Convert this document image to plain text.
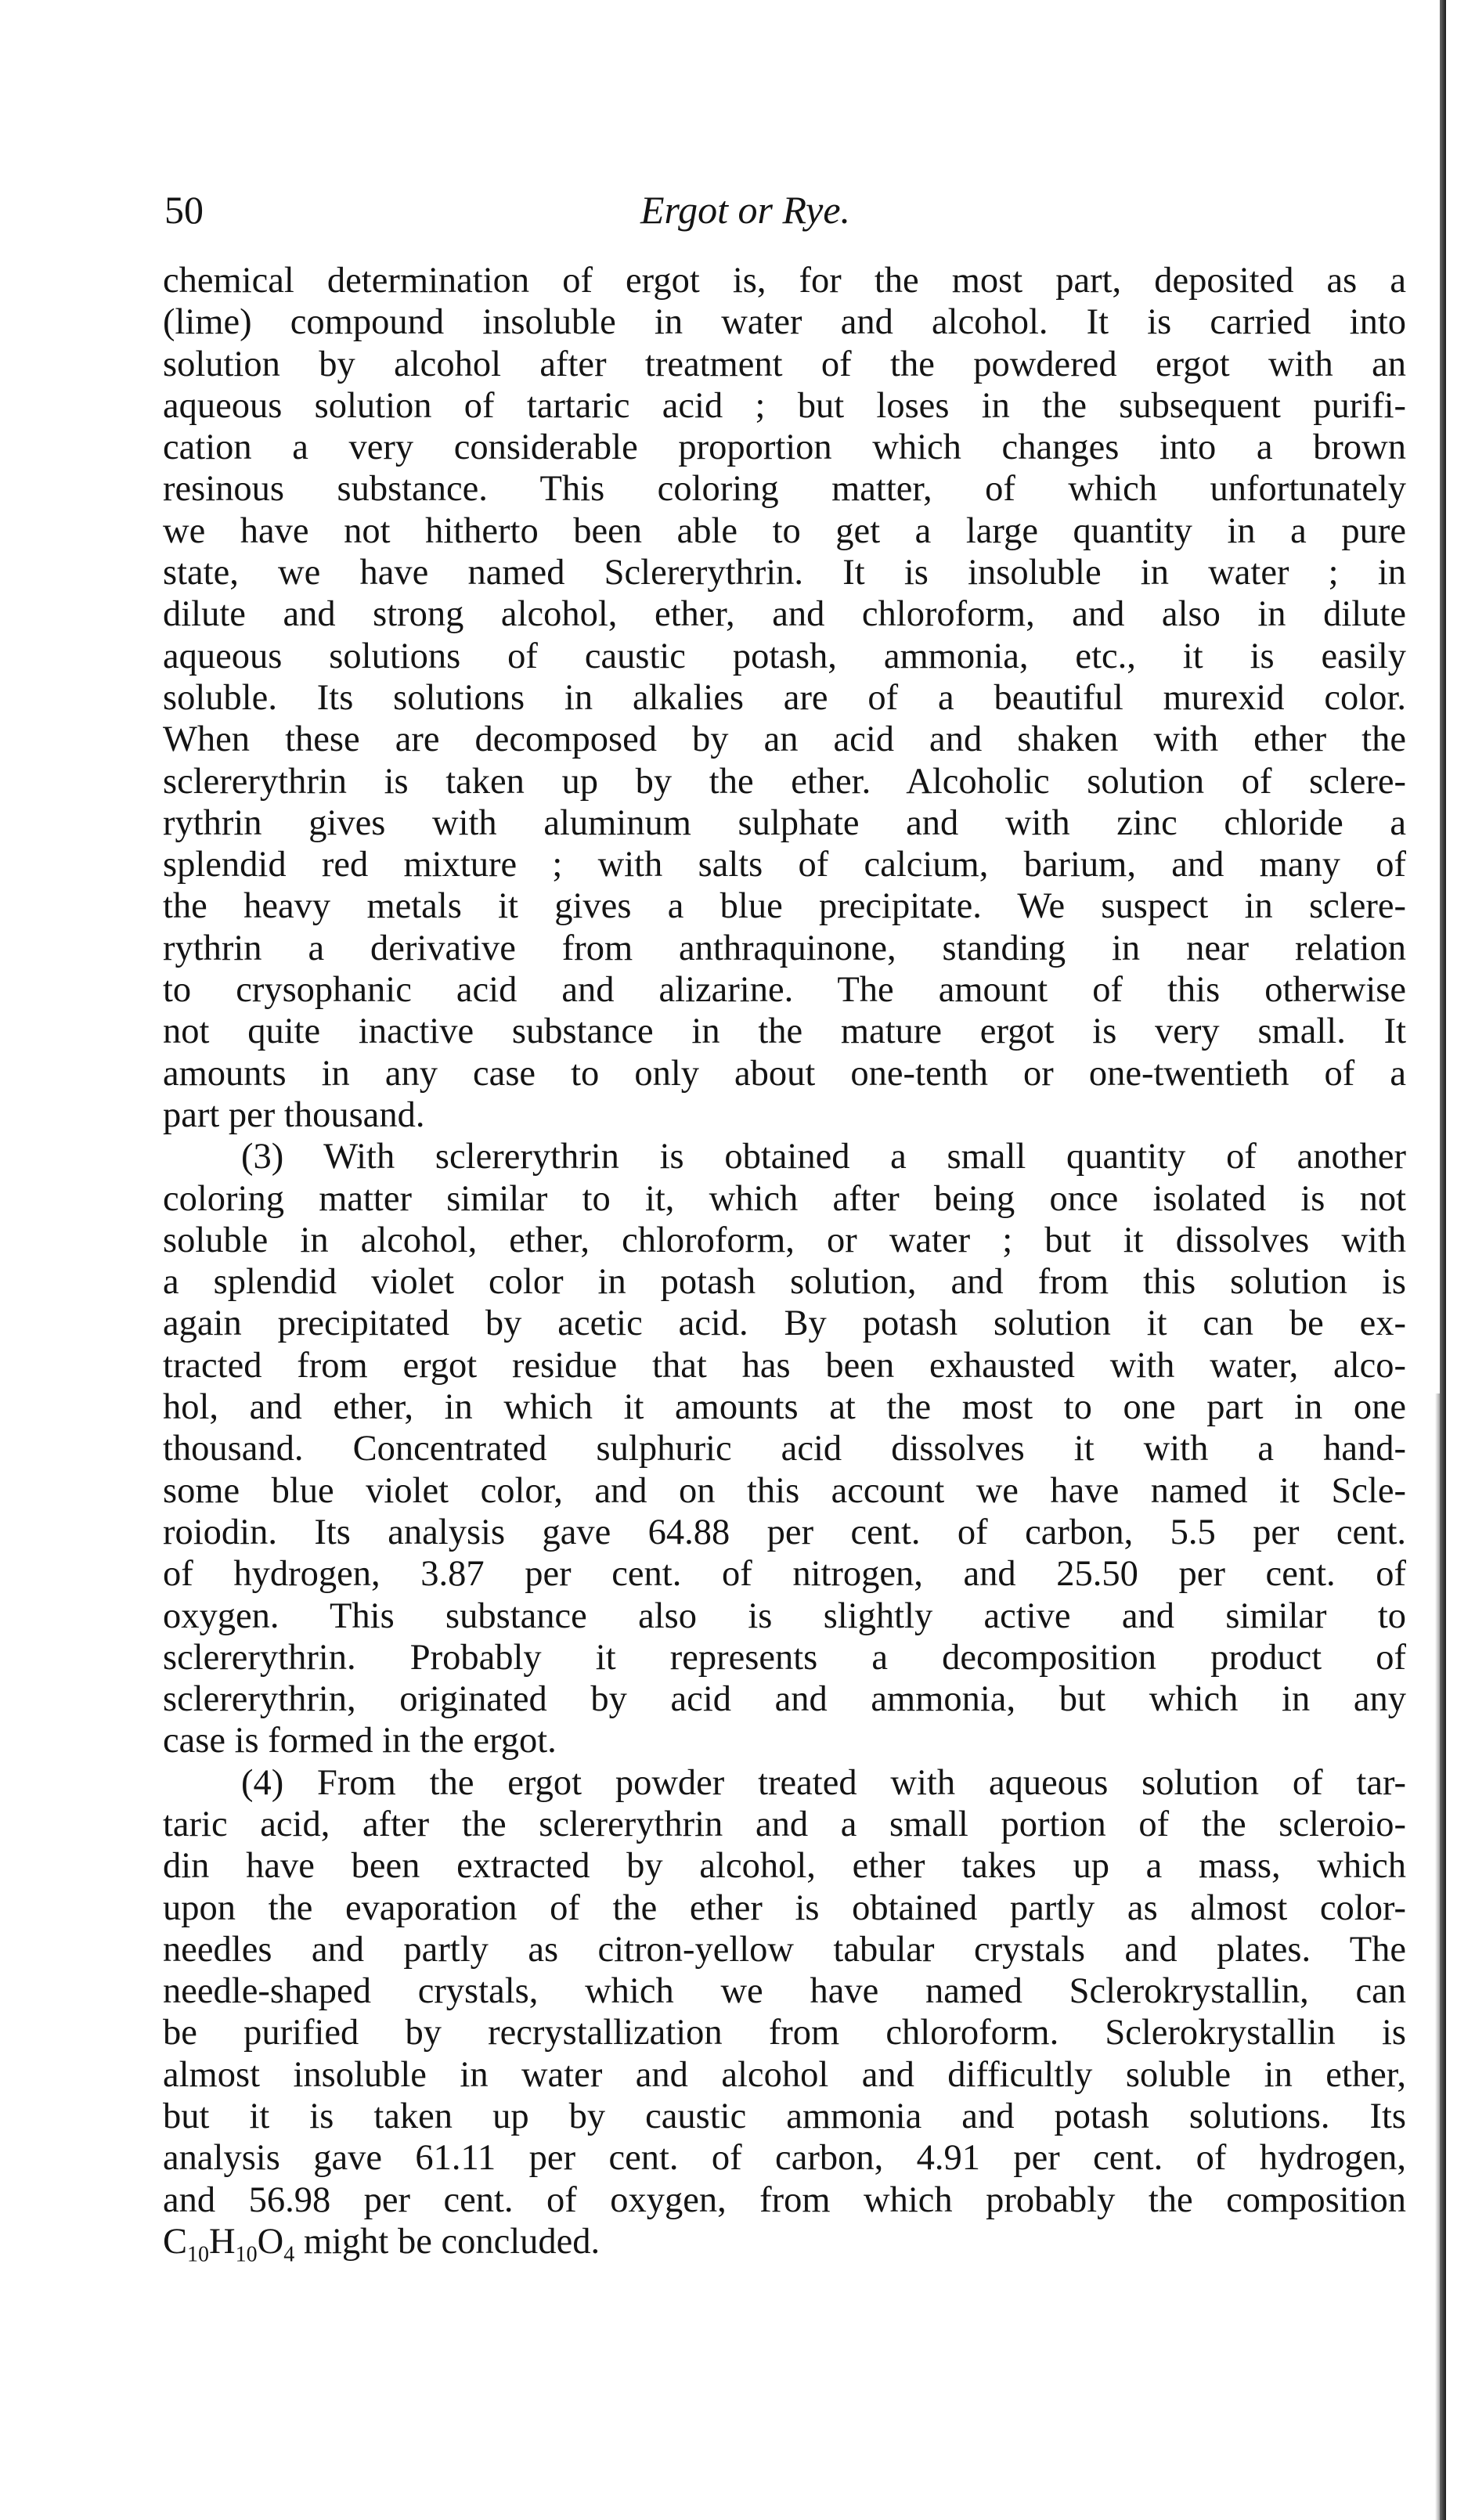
50	Ergot or Rye.
chemical determination of ergot is, for the most part, deposited as a
(lime) compound insoluble in water and alcohol. It is carried into
solution by alcohol after treatment of the powdered ergot with an
aqueous solution of tartaric acid ; but loses in the subsequent purifi-
cation a very considerable proportion which changes into a brown
resinous substance. This coloring matter, of which unfortunately
we have not hitherto been able to get a large quantity in a pure
state, we have named Sclererythrin. It is insoluble in water ; in
dilute and strong alcohol, ether, and chloroform, and also in dilute
aqueous solutions of caustic potash, ammonia, etc., it is easily
soluble. Its solutions in alkalies are of a beautiful murexid color.
When these are decomposed by an acid and shaken with ether the
sclererythrin is taken up by the ether. Alcoholic solution of sclere-
rythrin gives with aluminum sulphate and with zinc chloride a
splendid red mixture ; with salts of calcium, barium, and many of
the heavy metals it gives a blue precipitate. We suspect in sclere-
rythrin a derivative from anthraquinone, standing in near relation
to crysophanic acid and alizarine. The amount of this otherwise
not quite inactive substance in the mature ergot is very small. It
amounts in any case to only about one-tenth or one-twentieth of a
part per thousand.
(3) With sclererythrin is obtained a small quantity of another
coloring matter similar to it, which after being once isolated is not
soluble in alcohol, ether, chloroform, or water ; but it dissolves with
a splendid violet color in potash solution, and from this solution is
again precipitated by acetic acid. By potash solution it can be ex-
tracted from ergot residue that has been exhausted with water, alco-
hol, and ether, in which it amounts at the most to one part in one
thousand. Concentrated sulphuric acid dissolves it with a hand-
some blue violet color, and on this account we have named it Scle-
roiodin. Its analysis gave 64.88 per cent. of carbon, 5.5 per cent.
of hydrogen, 3.87 per cent. of nitrogen, and 25.50 per cent. of
oxygen. This substance also is slightly active and similar to
sclererythrin. Probably it represents a decomposition product of
sclererythrin, originated by acid and ammonia, but which in any
case is formed in the ergot.
(4) From the ergot powder treated with aqueous solution of tar-
taric acid, after the sclererythrin and a small portion of the scleroio-
din have been extracted by alcohol, ether takes up a mass, which
upon the evaporation of the ether is obtained partly as almost color-
needles and partly as citron-yellow tabular crystals and plates. The
needle-shaped crystals, which we have named Sclerokrystallin, can
be purified by recrystallization from chloroform. Sclerokrystallin is
almost insoluble in water and alcohol and difficultly soluble in ether,
but it is taken up by caustic ammonia and potash solutions. Its
analysis gave 61.11 per cent. of carbon, 4.91 per cent. of hydrogen,
and 56.98 per cent. of oxygen, from which probably the composition
$C_{10}H_{10}O_4$ might be concluded.
